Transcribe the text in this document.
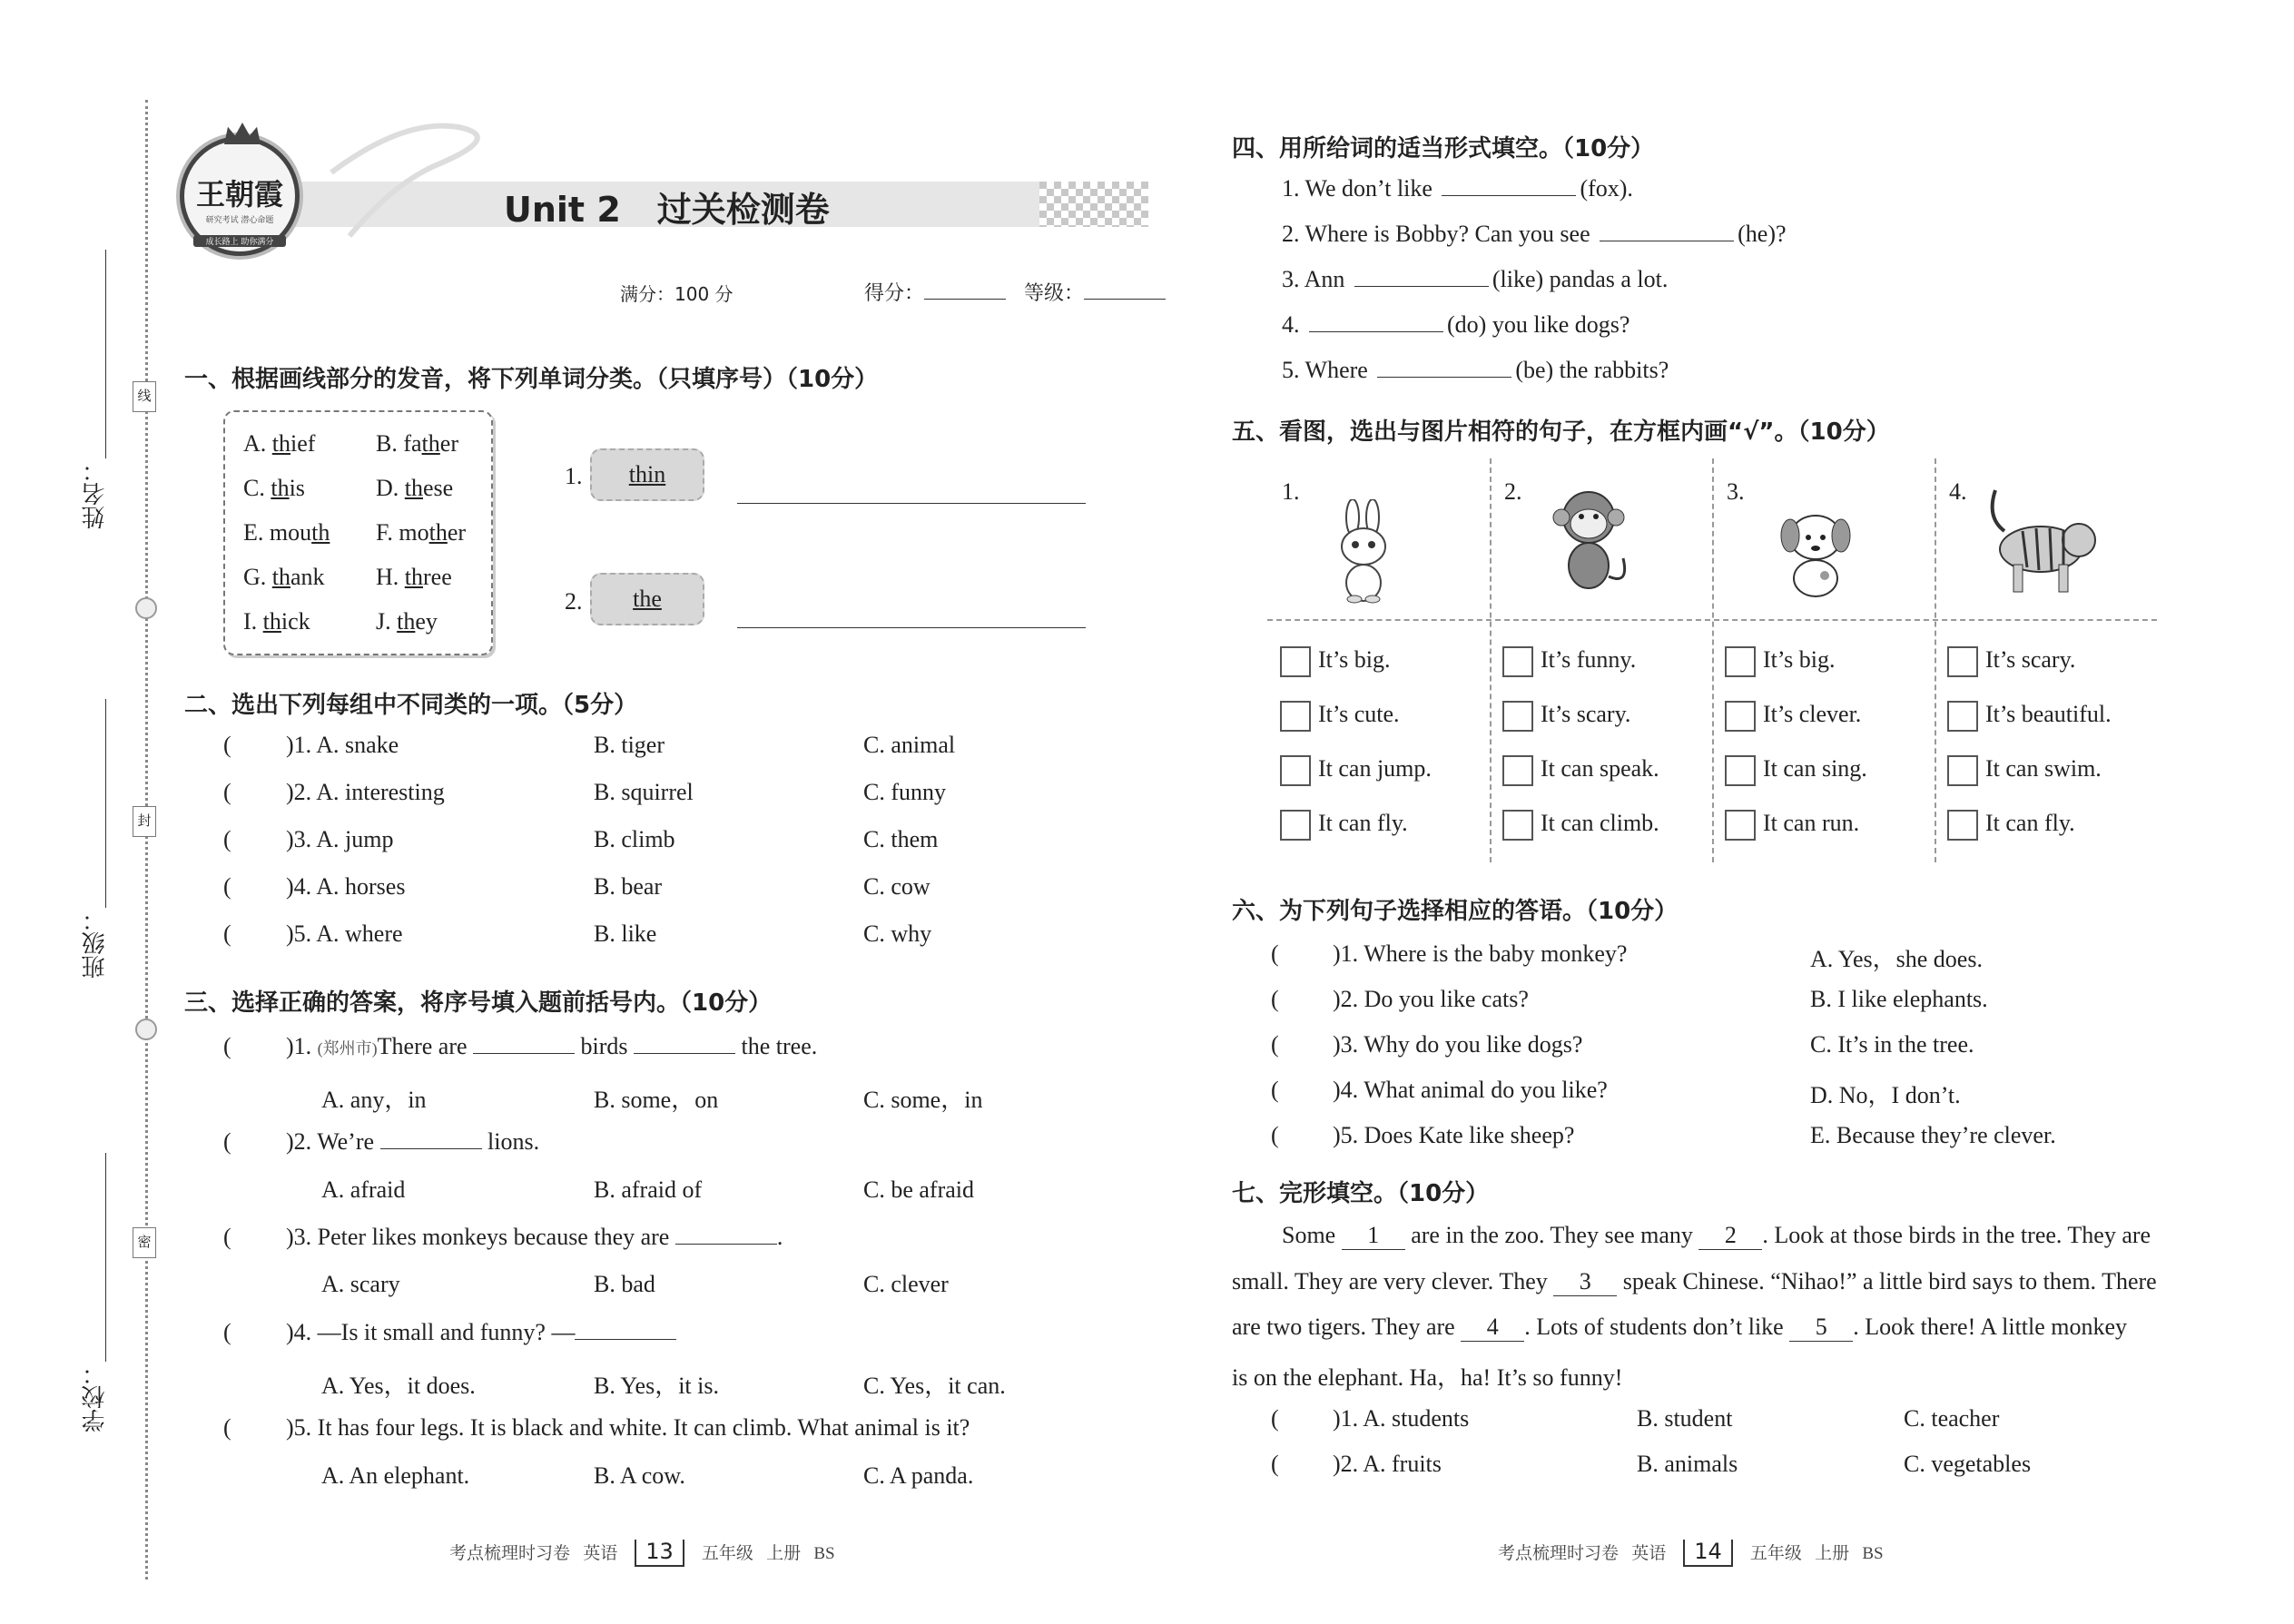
线
封
密
姓名：
班级：
学校：
王朝霞
研究考试 潜心命题
成长路上 助你满分
Unit 2 过关检测卷
满分：100 分	得分：	等级：
一、根据画线部分的发音，将下列单词分类。（只填序号）（10分）
A. thief	B. father
C. this	D. these
E. mouth F. mother
G. thank H. three
I. thick	J. they
1.	thin
2.	the
二、选出下列每组中不同类的一项。（5分）
( )1. A. snake	B. tiger	C. animal
( )2. A. interesting	B. squirrel	C. funny
( )3. A. jump	B. climb	C. them
( )4. A. horses	B. bear	C. cow
( )5. A. where	B. like	C. why
三、选择正确的答案，将序号填入题前括号内。（10分）
( )1. (郑州市)There are	birds	the tree.
A. any，in	B. some，on	C. some，in
( )2. We’re	lions.
A. afraid	B. afraid of	C. be afraid
( )3. Peter likes monkeys because they are	.
A. scary	B. bad	C. clever
( )4. —Is it small and funny? —
A. Yes，it does.	B. Yes，it is.	C. Yes，it can.
( )5. It has four legs. It is black and white. It can climb. What animal is it?
A. An elephant.	B. A cow.	C. A panda.
考点梳理时习卷 英语 13 五年级 上册 BS
四、用所给词的适当形式填空。（10分）
1. We don’t like	(fox).
2. Where is Bobby? Can you see	(he)?
3. Ann	(like) pandas a lot.
4.	(do) you like dogs?
5. Where	(be) the rabbits?
五、看图，选出与图片相符的句子，在方框内画“√”。（10分）
1.
It’s big.
It’s cute.
It can jump.
It can fly.
2.
It’s funny.
It’s scary.
It can speak.
It can climb.
3.
It’s big.
It’s clever.
It can sing.
It can run.
4.
It’s scary.
It’s beautiful.
It can swim.
It can fly.
六、为下列句子选择相应的答语。（10分）
( )1. Where is the baby monkey?	A. Yes，she does.
( )2. Do you like cats?	B. I like elephants.
( )3. Why do you like dogs?	C. It’s in the tree.
( )4. What animal do you like?	D. No，I don’t.
( )5. Does Kate like sheep?	E. Because they’re clever.
七、完形填空。（10分）
Some 1 are in the zoo. They see many 2 . Look at those birds in the tree. They are
small. They are very clever. They 3 speak Chinese. “Nihao!” a little bird says to them. There
are two tigers. They are 4 . Lots of students don’t like 5 . Look there! A little monkey
is on the elephant. Ha，ha! It’s so funny!
( )1. A. students	B. student	C. teacher
( )2. A. fruits	B. animals	C. vegetables
考点梳理时习卷 英语 14 五年级 上册 BS
